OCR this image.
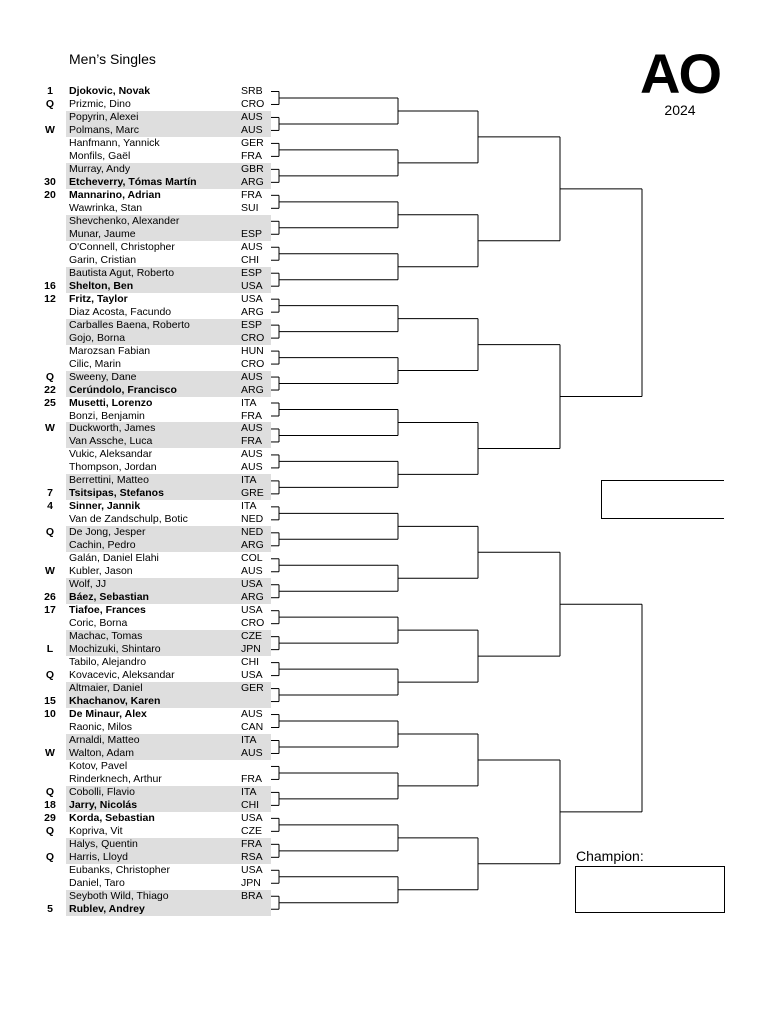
Men’s Singles	AO
2024
1	Djokovic, Novak	SRB
Q	Prizmic, Dino	CRO
Popyrin, Alexei	AUS
W	Polmans, Marc	AUS
Hanfmann, Yannick	GER
Monfils, Gaël	FRA
Murray, Andy	GBR
30	Etcheverry, Tómas Martín	ARG
20	Mannarino, Adrian	FRA
Wawrinka, Stan	SUI
Shevchenko, Alexander
Munar, Jaume	ESP
O'Connell, Christopher	AUS
Garin, Cristian	CHI
Bautista Agut, Roberto	ESP
16	Shelton, Ben	USA
12	Fritz, Taylor	USA
Diaz Acosta, Facundo	ARG
Carballes Baena, Roberto	ESP
Gojo, Borna	CRO
Marozsan Fabian	HUN
Cilic, Marin	CRO
Q	Sweeny, Dane	AUS
22	Cerúndolo, Francisco	ARG
25	Musetti, Lorenzo	ITA
Bonzi, Benjamin	FRA
W	Duckworth, James	AUS
Van Assche, Luca	FRA
Vukic, Aleksandar	AUS
Thompson, Jordan	AUS
Berrettini, Matteo	ITA
7	Tsitsipas, Stefanos	GRE
4	Sinner, Jannik	ITA
Van de Zandschulp, Botic	NED
Q	De Jong, Jesper	NED
Cachin, Pedro	ARG
Galán, Daniel Elahi	COL
W	Kubler, Jason	AUS
Wolf, JJ	USA
26	Báez, Sebastian	ARG
17	Tiafoe, Frances	USA
Coric, Borna	CRO
Machac, Tomas	CZE
L	Mochizuki, Shintaro	JPN
Tabilo, Alejandro	CHI
Q	Kovacevic, Aleksandar	USA
Altmaier, Daniel	GER
15	Khachanov, Karen
10	De Minaur, Alex	AUS
Raonic, Milos	CAN
Arnaldi, Matteo	ITA
W	Walton, Adam	AUS
Kotov, Pavel
Rinderknech, Arthur	FRA
Q	Cobolli, Flavio	ITA
18	Jarry, Nicolás	CHI
29	Korda, Sebastian	USA
Q	Kopriva, Vit	CZE
Halys, Quentin	FRA
Q	Harris, Lloyd	RSA
Eubanks, Christopher	USA
Daniel, Taro	JPN
Seyboth Wild, Thiago	BRA
5	Rublev, Andrey
Champion:
